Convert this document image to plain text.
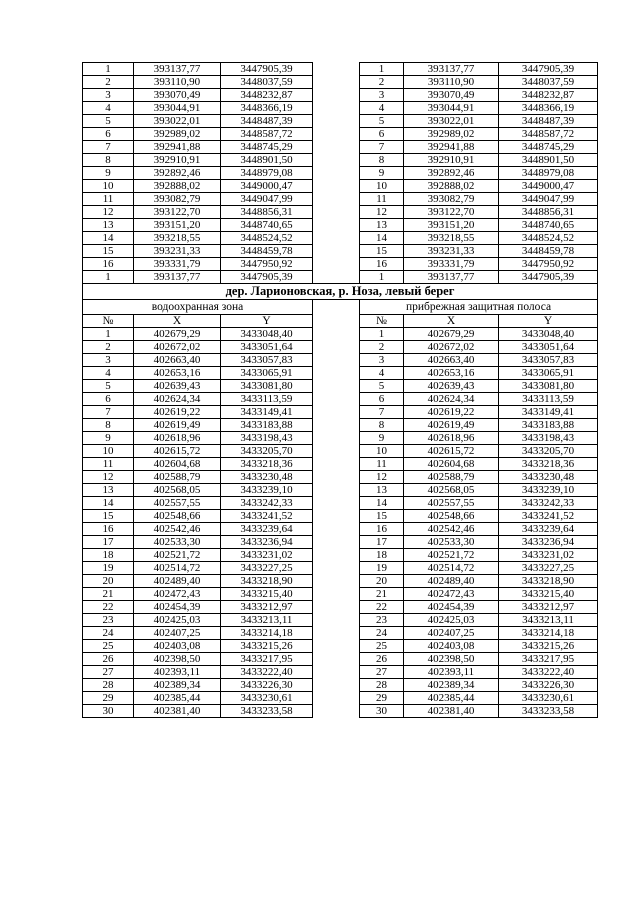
1	393137,77	3447905,39		1	393137,77	3447905,39
2	393110,90	3448037,59		2	393110,90	3448037,59
3	393070,49	3448232,87		3	393070,49	3448232,87
4	393044,91	3448366,19		4	393044,91	3448366,19
5	393022,01	3448487,39		5	393022,01	3448487,39
6	392989,02	3448587,72		6	392989,02	3448587,72
7	392941,88	3448745,29		7	392941,88	3448745,29
8	392910,91	3448901,50		8	392910,91	3448901,50
9	392892,46	3448979,08		9	392892,46	3448979,08
10	392888,02	3449000,47		10	392888,02	3449000,47
11	393082,79	3449047,99		11	393082,79	3449047,99
12	393122,70	3448856,31		12	393122,70	3448856,31
13	393151,20	3448740,65		13	393151,20	3448740,65
14	393218,55	3448524,52		14	393218,55	3448524,52
15	393231,33	3448459,78		15	393231,33	3448459,78
16	393331,79	3447950,92		16	393331,79	3447950,92
1	393137,77	3447905,39		1	393137,77	3447905,39
дер. Ларионовская, р. Ноза, левый берег						
водоохранная зона				прибрежная защитная полоса		
№	X	Y		№	X	Y
1	402679,29	3433048,40		1	402679,29	3433048,40
2	402672,02	3433051,64		2	402672,02	3433051,64
3	402663,40	3433057,83		3	402663,40	3433057,83
4	402653,16	3433065,91		4	402653,16	3433065,91
5	402639,43	3433081,80		5	402639,43	3433081,80
6	402624,34	3433113,59		6	402624,34	3433113,59
7	402619,22	3433149,41		7	402619,22	3433149,41
8	402619,49	3433183,88		8	402619,49	3433183,88
9	402618,96	3433198,43		9	402618,96	3433198,43
10	402615,72	3433205,70		10	402615,72	3433205,70
11	402604,68	3433218,36		11	402604,68	3433218,36
12	402588,79	3433230,48		12	402588,79	3433230,48
13	402568,05	3433239,10		13	402568,05	3433239,10
14	402557,55	3433242,33		14	402557,55	3433242,33
15	402548,66	3433241,52		15	402548,66	3433241,52
16	402542,46	3433239,64		16	402542,46	3433239,64
17	402533,30	3433236,94		17	402533,30	3433236,94
18	402521,72	3433231,02		18	402521,72	3433231,02
19	402514,72	3433227,25		19	402514,72	3433227,25
20	402489,40	3433218,90		20	402489,40	3433218,90
21	402472,43	3433215,40		21	402472,43	3433215,40
22	402454,39	3433212,97		22	402454,39	3433212,97
23	402425,03	3433213,11		23	402425,03	3433213,11
24	402407,25	3433214,18		24	402407,25	3433214,18
25	402403,08	3433215,26		25	402403,08	3433215,26
26	402398,50	3433217,95		26	402398,50	3433217,95
27	402393,11	3433222,40		27	402393,11	3433222,40
28	402389,34	3433226,30		28	402389,34	3433226,30
29	402385,44	3433230,61		29	402385,44	3433230,61
30	402381,40	3433233,58		30	402381,40	3433233,58
